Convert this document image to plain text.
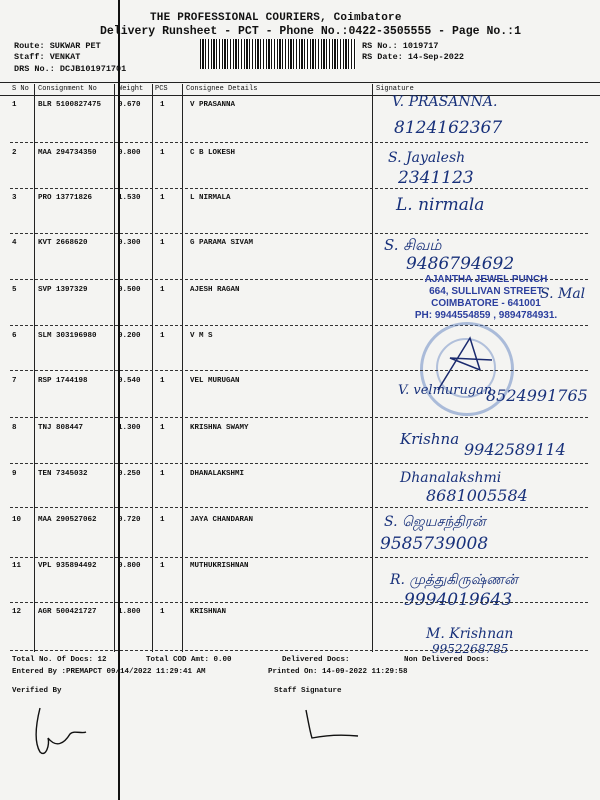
THE PROFESSIONAL COURIERS, Coimbatore
Delivery Runsheet - PCT - Phone No.:0422-3505555 - Page No.:1
Route: SUKWAR PET
Staff: VENKAT
DRS No.: DCJB101971701
RS No.: 1019717
RS Date: 14-Sep-2022
S No Consignment No	Weight PCS	Consignee Details	Signature
1	BLR 5100827475 0.670	1	V PRASANNA	V. PRASANNA.
8124162367
2	MAA 294734350	0.800	1	C B LOKESH	S. Jayalesh
2341123
3	PRO 13771826	1.530	1	L NIRMALA	L. nirmala
4	KVT 2668620	0.300	1	G PARAMA SIVAM	S. சிவம்
9486794692
5	SVP 1397329	0.500	1	AJESH RAGAN
AJANTHA JEWEL PUNCH
664, SULLIVAN STREET
COIMBATORE - 641001
PH: 9944554859 , 9894784931.
S. Mal
6	SLM 303196980	0.200	1	V M S
7	RSP 1744198	0.540	1	VEL MURUGAN
V. velmurugan
8524991765
8	TNJ 808447	1.300	1	KRISHNA SWAMY
Krishna
9942589114
9	TEN 7345032	0.250	1	DHANALAKSHMI	Dhanalakshmi
8681005584
10 MAA 290527062	0.720	1	JAYA CHANDARAN	S. ஜெயசந்திரன்
9585739008
11 VPL 935894492	0.800	1	MUTHUKRISHNAN
R. முத்துகிருஷ்ணன்
9994019643
12 AGR 500421727	1.800	1	KRISHNAN
M. Krishnan
9952268785
Total No. Of Docs: 12	Total COD Amt: 0.00	Delivered Docs:	Non Delivered Docs:
Entered By :PREMAPCT 09/14/2022 11:29:41 AM	Printed On: 14-09-2022 11:29:58
Verified By	Staff Signature
